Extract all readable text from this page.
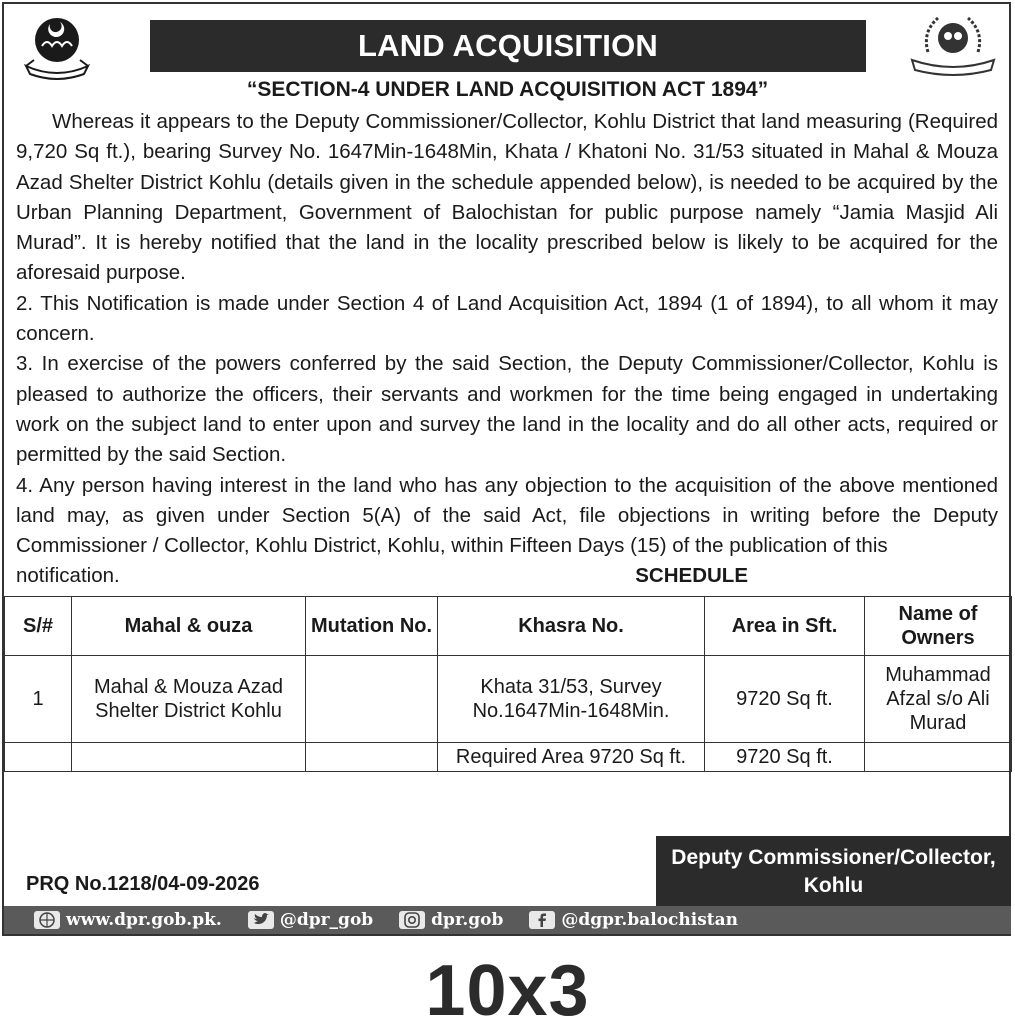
LAND ACQUISITION
“SECTION-4 UNDER LAND ACQUISITION ACT 1894”

Whereas it appears to the Deputy Commissioner/Collector, Kohlu District that land measuring (Required 9,720 Sq ft.), bearing Survey No. 1647Min-1648Min, Khata / Khatoni No. 31/53 situated in Mahal & Mouza Azad Shelter District Kohlu (details given in the schedule appended below), is needed to be acquired by the Urban Planning Department, Government of Balochistan for public purpose namely “Jamia Masjid Ali Murad”. It is hereby notified that the land in the locality prescribed below is likely to be acquired for the aforesaid purpose.

2. This Notification is made under Section 4 of Land Acquisition Act, 1894 (1 of 1894), to all whom it may concern.

3. In exercise of the powers conferred by the said Section, the Deputy Commissioner/Collector, Kohlu is pleased to authorize the officers, their servants and workmen for the time being engaged in undertaking work on the subject land to enter upon and survey the land in the locality and do all other acts, required or permitted by the said Section.

4. Any person having interest in the land who has any objection to the acquisition of the above mentioned land may, as given under Section 5(A) of the said Act, file objections in writing before the Deputy Commissioner / Collector, Kohlu District, Kohlu, within Fifteen Days (15) of the publication of this

notification.	SCHEDULE
S/#	Mahal & ouza	Mutation No.	Khasra No.	Area in Sft.	Name of Owners
1	Mahal & Mouza Azad Shelter District Kohlu		Khata 31/53, Survey No.1647Min-1648Min.	9720 Sq ft.	Muhammad Afzal s/o Ali Murad
			Required Area 9720 Sq ft.	9720 Sq ft.	
PRQ No.1218/04-09-2026
Deputy Commissioner/Collector,
Kohlu
www.dpr.gob.pk.	@dpr_gob	dpr.gob	@dgpr.balochistan
10x3
